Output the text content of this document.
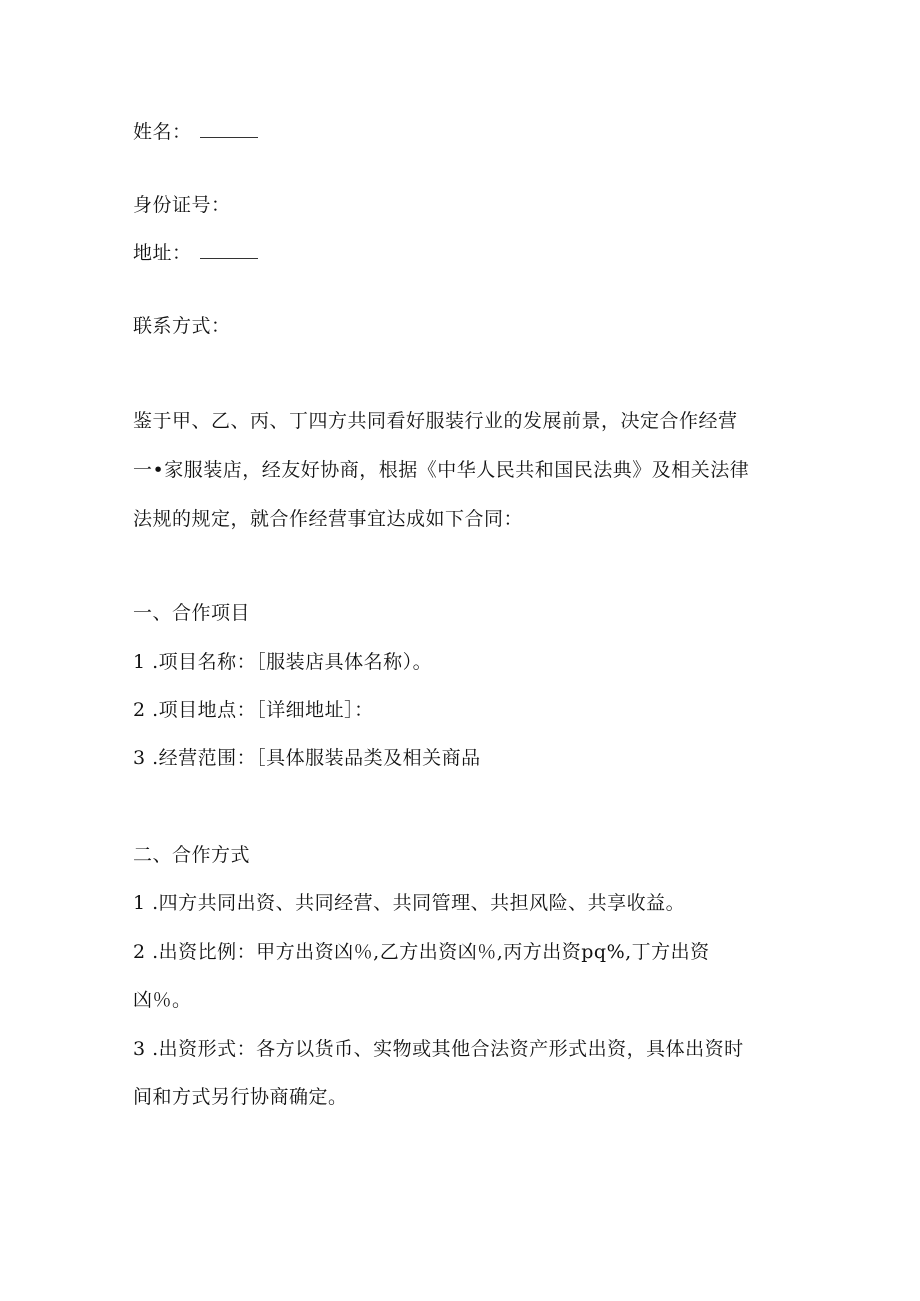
姓名：
身份证号：
地址：
联系方式：
鉴于甲、乙、丙、丁四方共同看好服装行业的发展前景，决定合作经营
一•家服装店，经友好协商，根据《中华人民共和国民法典》及相关法律
法规的规定，就合作经营事宜达成如下合同：
一、合作项目
1 .项目名称：［服装店具体名称）。
2 .项目地点：［详细地址］：
3 .经营范围：［具体服装品类及相关商品
二、合作方式
1 .四方共同出资、共同经营、共同管理、共担风险、共享收益。
2 .出资比例：甲方出资凶％,乙方出资凶％,丙方出资pq%,丁方出资
凶％。
3 .出资形式：各方以货币、实物或其他合法资产形式出资，具体出资时
间和方式另行协商确定。
